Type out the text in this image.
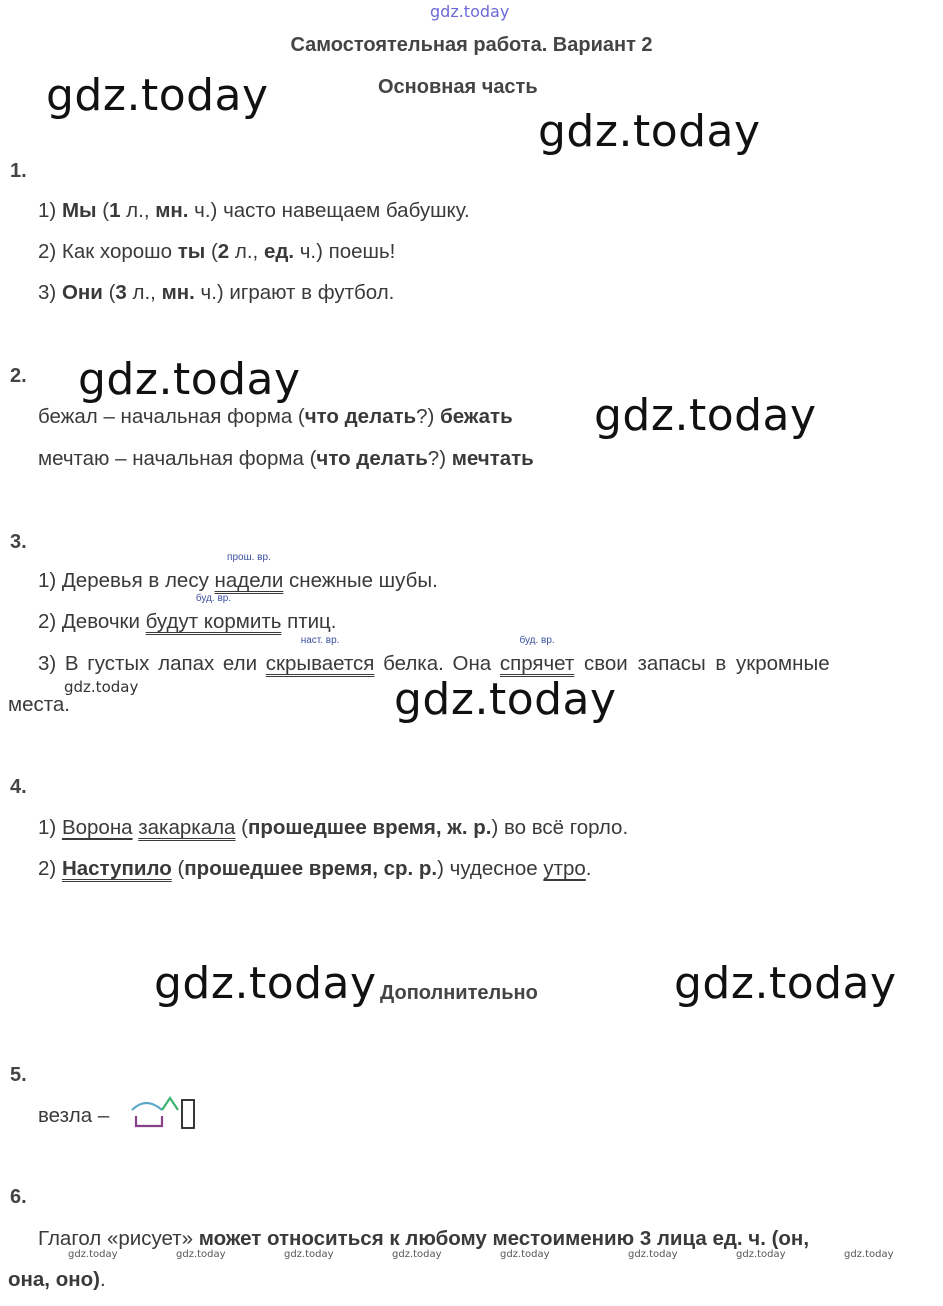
gdz.today
gdz.today
gdz.today
gdz.today
gdz.today
gdz.today	gdz.today
gdz.today	gdz.today
Самостоятельная работа. Вариант 2
Основная часть
1.
1) Мы (1 л., мн. ч.) часто навещаем бабушку.
2) Как хорошо ты (2 л., ед. ч.) поешь!
3) Они (3 л., мн. ч.) играют в футбол.
2.
бежал – начальная форма (что делать?) бежать
мечтаю – начальная форма (что делать?) мечтать
3.
1) Деревья в лесу
прош. вр.
надели снежные шубы.
2) Девочки
буд. вр.
будут кормить птиц.
3) В густых лапах ели
наст. вр.
скрывается белка. Она
буд. вр.
спрячет свои запасы в укромные
места.
4.
1) Ворона закаркала (прошедшее время, ж. р.) во всё горло.
2) Наступило (прошедшее время, ср. р.) чудесное утро.
Дополнительно
5.
везла –
6.
Глагол «рисует» может относиться к любому местоимению 3 лица ед. ч. (он,
gdz.today	gdz.today	gdz.today	gdz.today	gdz.today	gdz.today	gdz.today	gdz.today
она, оно).
